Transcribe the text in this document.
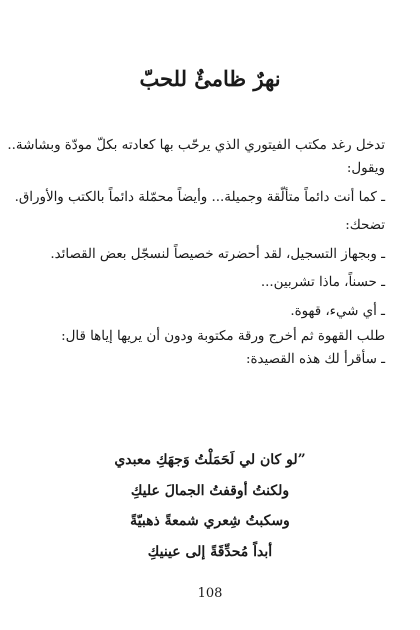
نهرٌ ظامئٌ للحبّ
تدخل رغد مكتب الفيتوري الذي يرحّب بها كعادته بكلّ مودّة وبشاشة..
ويقول:
ـ كما أنت دائماً متألّقة وجميلة... وأيضاً محمّلة دائماً بالكتب والأوراق.
تضحك:
ـ وبجهاز التسجيل، لقد أحضرته خصيصاً لنسجّل بعض القصائد.
ـ حسناً، ماذا تشربين...
ـ أي شيء، قهوة.
طلب القهوة ثم أخرج ورقة مكتوبة ودون أن يريها إياها قال:
ـ سأقرأ لك هذه القصيدة:
”لو كان لي لَحَمَلْتُ وَجهَكِ معبدي
ولكنتُ أوقفتُ الجمالَ عليكِ
وسكبتُ شِعري شمعةً ذهبيّةً
أبداً مُحدِّقَةً إلى عينيكِ
108
